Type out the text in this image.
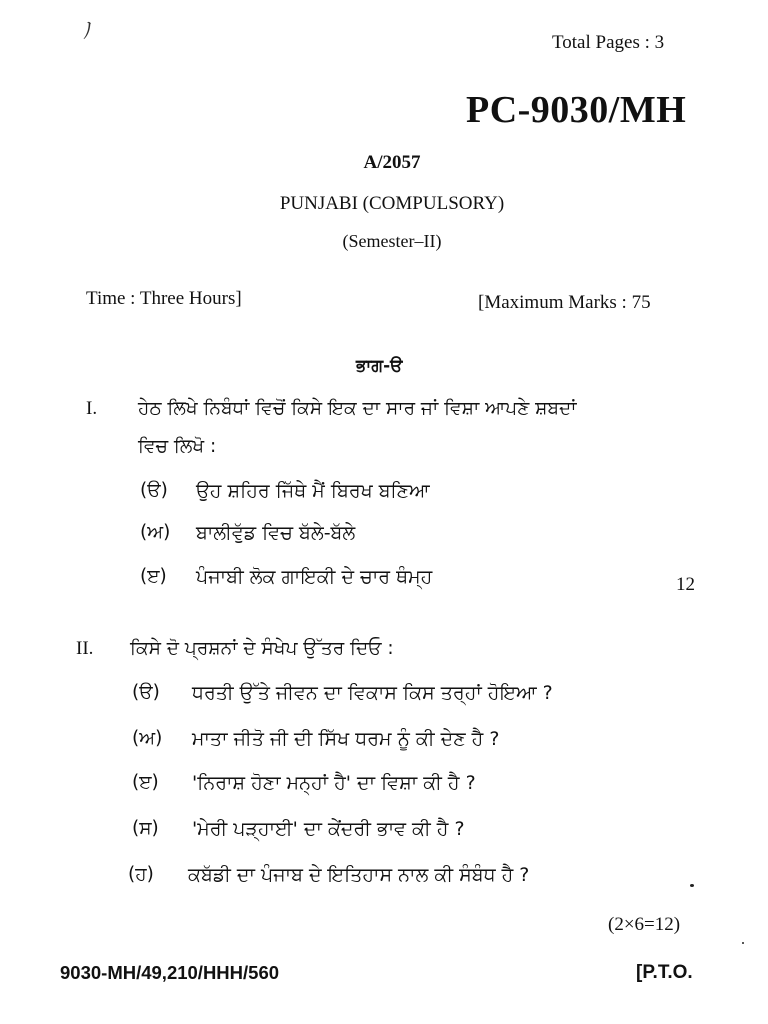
ﾉ	Total Pages : 3
PC-9030/MH
A/2057
PUNJABI (COMPULSORY)
(Semester–II)
Time : Three Hours]	[Maximum Marks : 75
ਭਾਗ-ੳ
I. ਹੇਠ ਲਿਖੇ ਨਿਬੰਧਾਂ ਵਿਚੋਂ ਕਿਸੇ ਇਕ ਦਾ ਸਾਰ ਜਾਂ ਵਿਸ਼ਾ ਆਪਣੇ ਸ਼ਬਦਾਂ
ਵਿਚ ਲਿਖੋ :
(ੳ) ਉਹ ਸ਼ਹਿਰ ਜਿੱਥੇ ਮੈਂ ਬਿਰਖ ਬਣਿਆ
(ਅ) ਬਾਲੀਵੁੱਡ ਵਿਚ ਬੱਲੇ-ਬੱਲੇ
(ੲ) ਪੰਜਾਬੀ ਲੋਕ ਗਾਇਕੀ ਦੇ ਚਾਰ ਥੰਮ੍ਹ	12
II. ਕਿਸੇ ਦੋ ਪ੍ਰਸ਼ਨਾਂ ਦੇ ਸੰਖੇਪ ਉੱਤਰ ਦਿਓ :
(ੳ) ਧਰਤੀ ਉੱਤੇ ਜੀਵਨ ਦਾ ਵਿਕਾਸ ਕਿਸ ਤਰ੍ਹਾਂ ਹੋਇਆ ?
(ਅ) ਮਾਤਾ ਜੀਤੋ ਜੀ ਦੀ ਸਿੱਖ ਧਰਮ ਨੂੰ ਕੀ ਦੇਣ ਹੈ ?
(ੲ) 'ਨਿਰਾਸ਼ ਹੋਣਾ ਮਨ੍ਹਾਂ ਹੈ' ਦਾ ਵਿਸ਼ਾ ਕੀ ਹੈ ?
(ਸ) 'ਮੇਰੀ ਪੜ੍ਹਾਈ' ਦਾ ਕੇਂਦਰੀ ਭਾਵ ਕੀ ਹੈ ?
(ਹ) ਕਬੱਡੀ ਦਾ ਪੰਜਾਬ ਦੇ ਇਤਿਹਾਸ ਨਾਲ ਕੀ ਸੰਬੰਧ ਹੈ ?
(2×6=12)
9030-MH/49,210/HHH/560	[P.T.O.
